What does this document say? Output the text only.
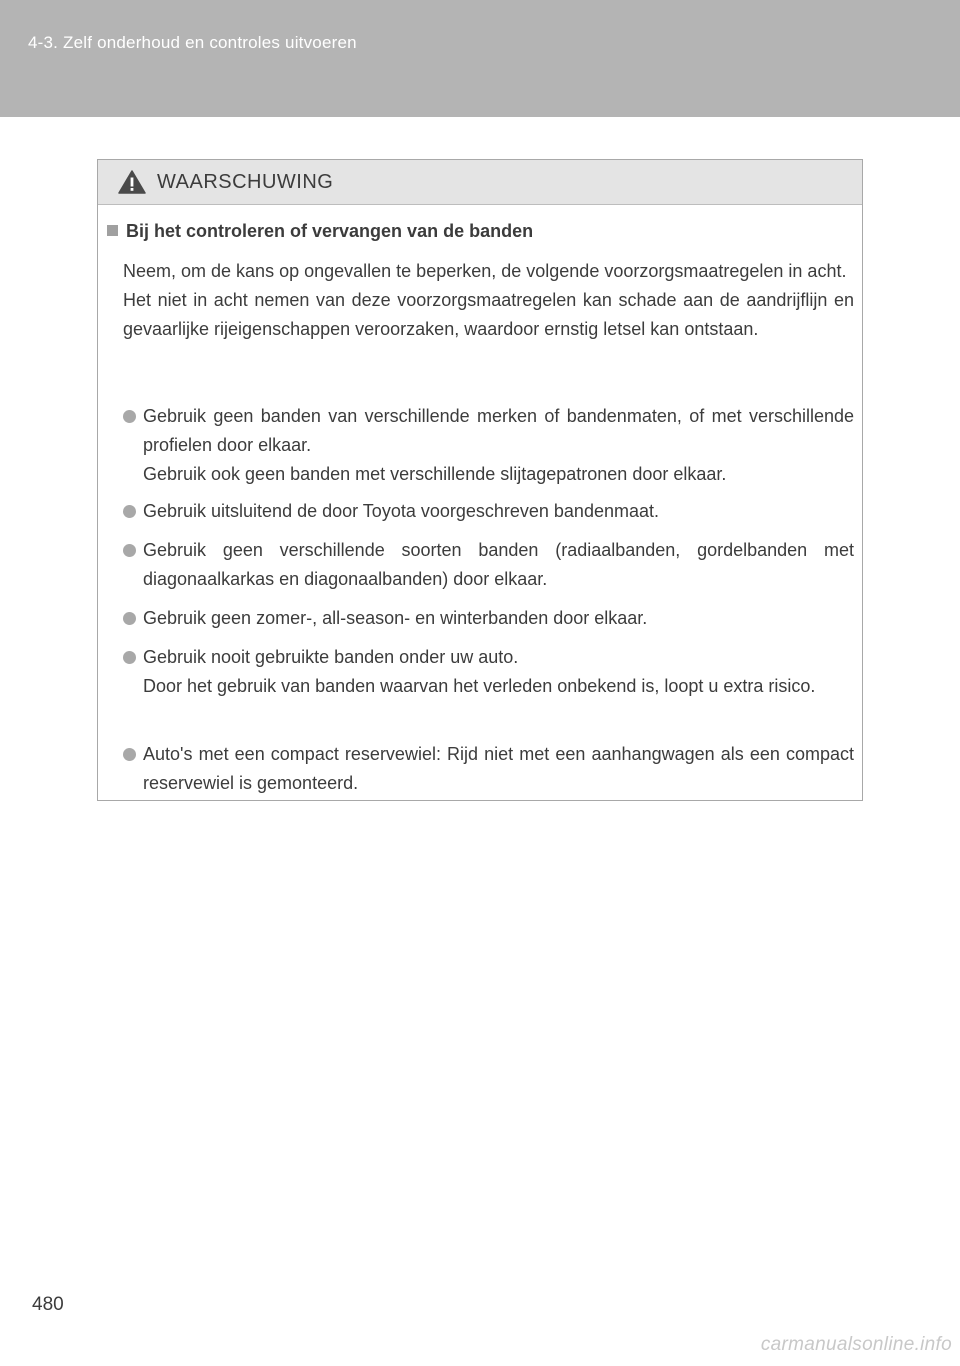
4-3. Zelf onderhoud en controles uitvoeren
WAARSCHUWING
Bij het controleren of vervangen van de banden
Neem, om de kans op ongevallen te beperken, de volgende voorzorgsmaatregelen in acht.
Het niet in acht nemen van deze voorzorgsmaatregelen kan schade aan de aandrijflijn en gevaarlijke rijeigenschappen veroorzaken, waardoor ernstig letsel kan ontstaan.
Gebruik geen banden van verschillende merken of bandenmaten, of met verschillende profielen door elkaar.
Gebruik ook geen banden met verschillende slijtagepatronen door elkaar.
Gebruik uitsluitend de door Toyota voorgeschreven bandenmaat.
Gebruik geen verschillende soorten banden (radiaalbanden, gordelbanden met diagonaalkarkas en diagonaalbanden) door elkaar.
Gebruik geen zomer-, all-season- en winterbanden door elkaar.
Gebruik nooit gebruikte banden onder uw auto.
Door het gebruik van banden waarvan het verleden onbekend is, loopt u extra risico.
Auto's met een compact reservewiel: Rijd niet met een aanhangwagen als een compact reservewiel is gemonteerd.
480
carmanualsonline.info
